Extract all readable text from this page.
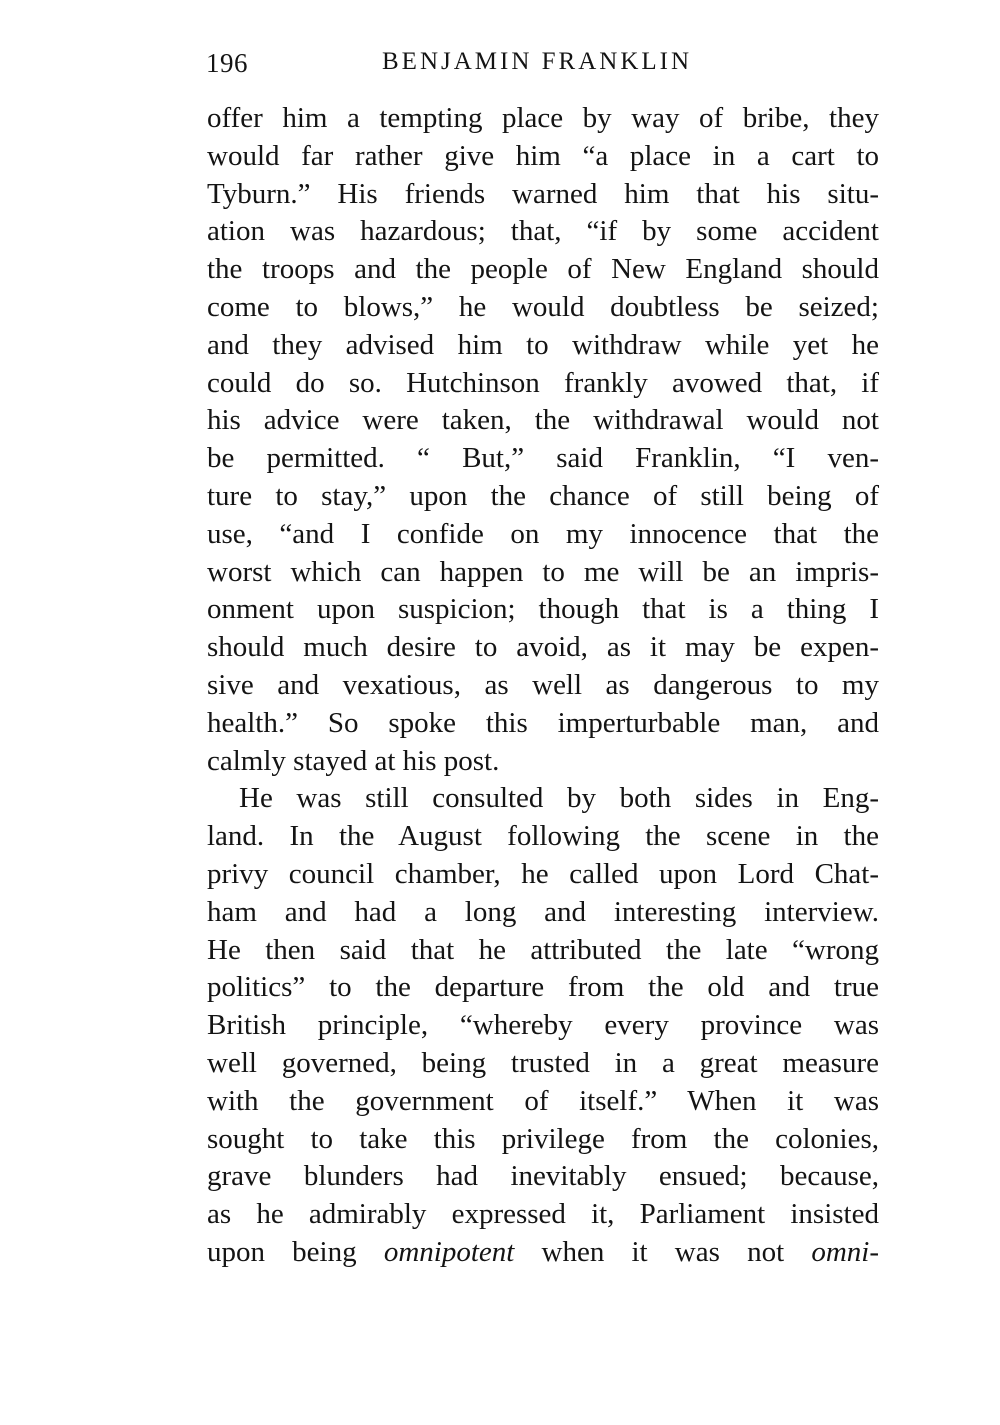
196	BENJAMIN FRANKLIN
offer him a tempting place by way of bribe, they
would far rather give him “a place in a cart to
Tyburn.” His friends warned him that his situ-
ation was hazardous; that, “if by some accident
the troops and the people of New England should
come to blows,” he would doubtless be seized;
and they advised him to withdraw while yet he
could do so. Hutchinson frankly avowed that, if
his advice were taken, the withdrawal would not
be permitted. “ But,” said Franklin, “I ven-
ture to stay,” upon the chance of still being of
use, “and I confide on my innocence that the
worst which can happen to me will be an impris-
onment upon suspicion; though that is a thing I
should much desire to avoid, as it may be expen-
sive and vexatious, as well as dangerous to my
health.” So spoke this imperturbable man, and
calmly stayed at his post.
He was still consulted by both sides in Eng-
land. In the August following the scene in the
privy council chamber, he called upon Lord Chat-
ham and had a long and interesting interview.
He then said that he attributed the late “wrong
politics” to the departure from the old and true
British principle, “whereby every province was
well governed, being trusted in a great measure
with the government of itself.” When it was
sought to take this privilege from the colonies,
grave blunders had inevitably ensued; because,
as he admirably expressed it, Parliament insisted
upon being omnipotent when it was not omni-
